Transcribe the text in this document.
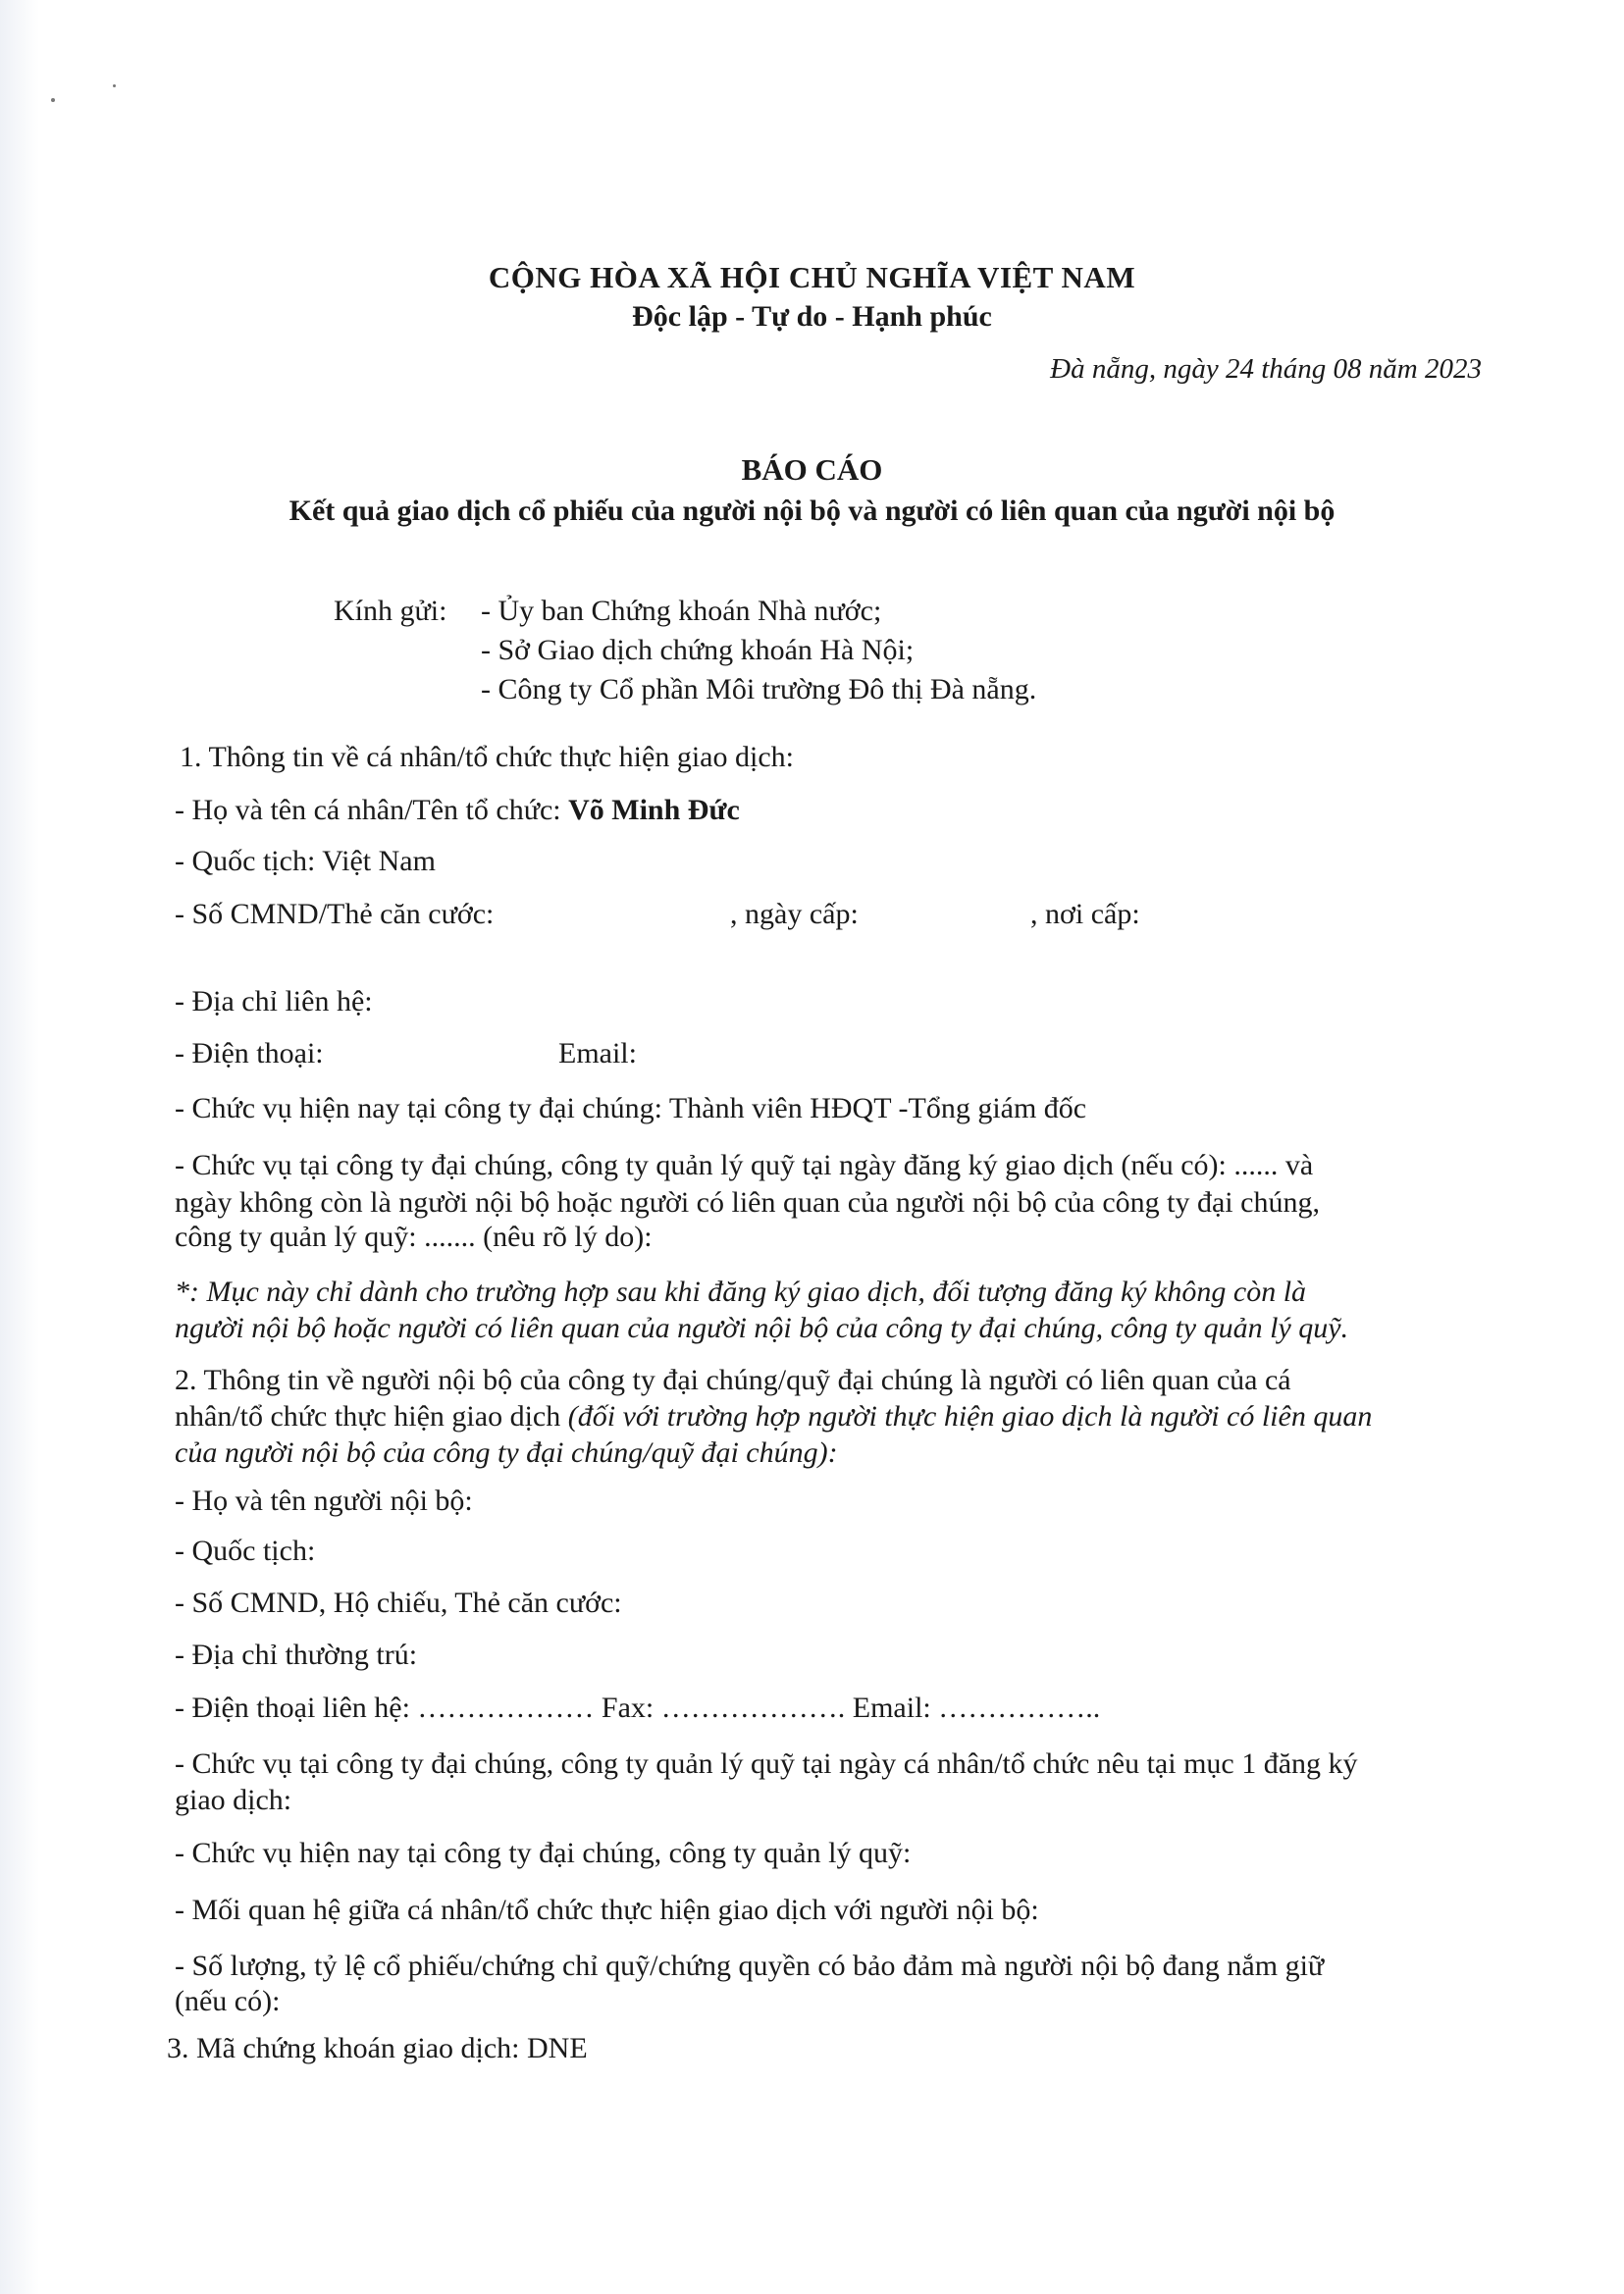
CỘNG HÒA XÃ HỘI CHỦ NGHĨA VIỆT NAM
Độc lập - Tự do - Hạnh phúc
Đà nẵng, ngày 24 tháng 08 năm 2023
BÁO CÁO
Kết quả giao dịch cổ phiếu của người nội bộ và người có liên quan của người nội bộ
Kính gửi: - Ủy ban Chứng khoán Nhà nước;
- Sở Giao dịch chứng khoán Hà Nội;
- Công ty Cổ phần Môi trường Đô thị Đà nẵng.
1. Thông tin về cá nhân/tổ chức thực hiện giao dịch:
- Họ và tên cá nhân/Tên tổ chức: Võ Minh Đức
- Quốc tịch: Việt Nam
- Số CMND/Thẻ căn cước:	, ngày cấp:	, nơi cấp:
- Địa chỉ liên hệ:
- Điện thoại:	Email:
- Chức vụ hiện nay tại công ty đại chúng: Thành viên HĐQT -Tổng giám đốc
- Chức vụ tại công ty đại chúng, công ty quản lý quỹ tại ngày đăng ký giao dịch (nếu có): ...... và
ngày không còn là người nội bộ hoặc người có liên quan của người nội bộ của công ty đại chúng,
công ty quản lý quỹ: ....... (nêu rõ lý do):
*: Mục này chỉ dành cho trường hợp sau khi đăng ký giao dịch, đối tượng đăng ký không còn là
người nội bộ hoặc người có liên quan của người nội bộ của công ty đại chúng, công ty quản lý quỹ.
2. Thông tin về người nội bộ của công ty đại chúng/quỹ đại chúng là người có liên quan của cá
nhân/tổ chức thực hiện giao dịch (đối với trường hợp người thực hiện giao dịch là người có liên quan
của người nội bộ của công ty đại chúng/quỹ đại chúng):
- Họ và tên người nội bộ:
- Quốc tịch:
- Số CMND, Hộ chiếu, Thẻ căn cước:
- Địa chỉ thường trú:
- Điện thoại liên hệ: ……………… Fax: ………………. Email: ……………..
- Chức vụ tại công ty đại chúng, công ty quản lý quỹ tại ngày cá nhân/tổ chức nêu tại mục 1 đăng ký
giao dịch:
- Chức vụ hiện nay tại công ty đại chúng, công ty quản lý quỹ:
- Mối quan hệ giữa cá nhân/tổ chức thực hiện giao dịch với người nội bộ:
- Số lượng, tỷ lệ cổ phiếu/chứng chỉ quỹ/chứng quyền có bảo đảm mà người nội bộ đang nắm giữ
(nếu có):
3. Mã chứng khoán giao dịch: DNE
